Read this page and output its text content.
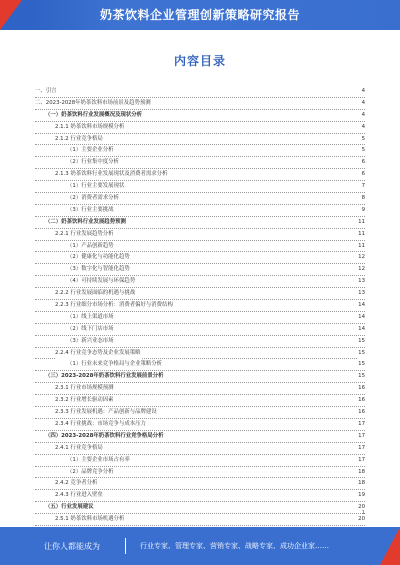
奶茶饮料企业管理创新策略研究报告
内容目录
一、引言	4
二、2023-2028年奶茶饮料市场前景及趋势预测	4
（一）奶茶饮料行业发展概况及现状分析	4
2.1.1 奶茶饮料市场规模分析	4
2.1.2 行业竞争格局	5
（1）主要企业分析	5
（2）行业集中度分析	6
2.1.3 奶茶饮料行业发展现状及消费者需求分析	6
（1）行业主要发展现状	7
（2）消费者需求分析	8
（3）行业主要挑战	9
（二）奶茶饮料行业发展趋势预测	11
2.2.1 行业发展趋势分析	11
（1）产品创新趋势	11
（2）健康化与功能化趋势	12
（3）数字化与智能化趋势	12
（4）可持续发展与环保趋势	13
2.2.2 行业发展面临的机遇与挑战	13
2.2.3 行业细分市场分析：消费者偏好与消费结构	14
（1）线上渠道市场	14
（2）线下门店市场	14
（3）新兴业态市场	15
2.2.4 行业竞争态势及企业发展策略	15
（1）行业未来竞争格局与企业策略分析	15
（三）2023-2028年奶茶饮料行业发展前景分析	15
2.3.1 行业市场规模预测	16
2.3.2 行业增长驱动因素	16
2.3.3 行业发展机遇：产品创新与品牌建设	16
2.3.4 行业挑战：市场竞争与成本压力	17
（四）2023-2028年奶茶饮料行业竞争格局分析	17
2.4.1 行业竞争格局	17
（1）主要企业市场占有率	17
（2）品牌竞争分析	18
2.4.2 竞争者分析	18
2.4.3 行业进入壁垒	19
（五）行业发展建议	20
2.5.1 奶茶饮料市场机遇分析	20
1
让你人都能成为	行业专家、管理专家、营销专家、战略专家、成功企业家……
